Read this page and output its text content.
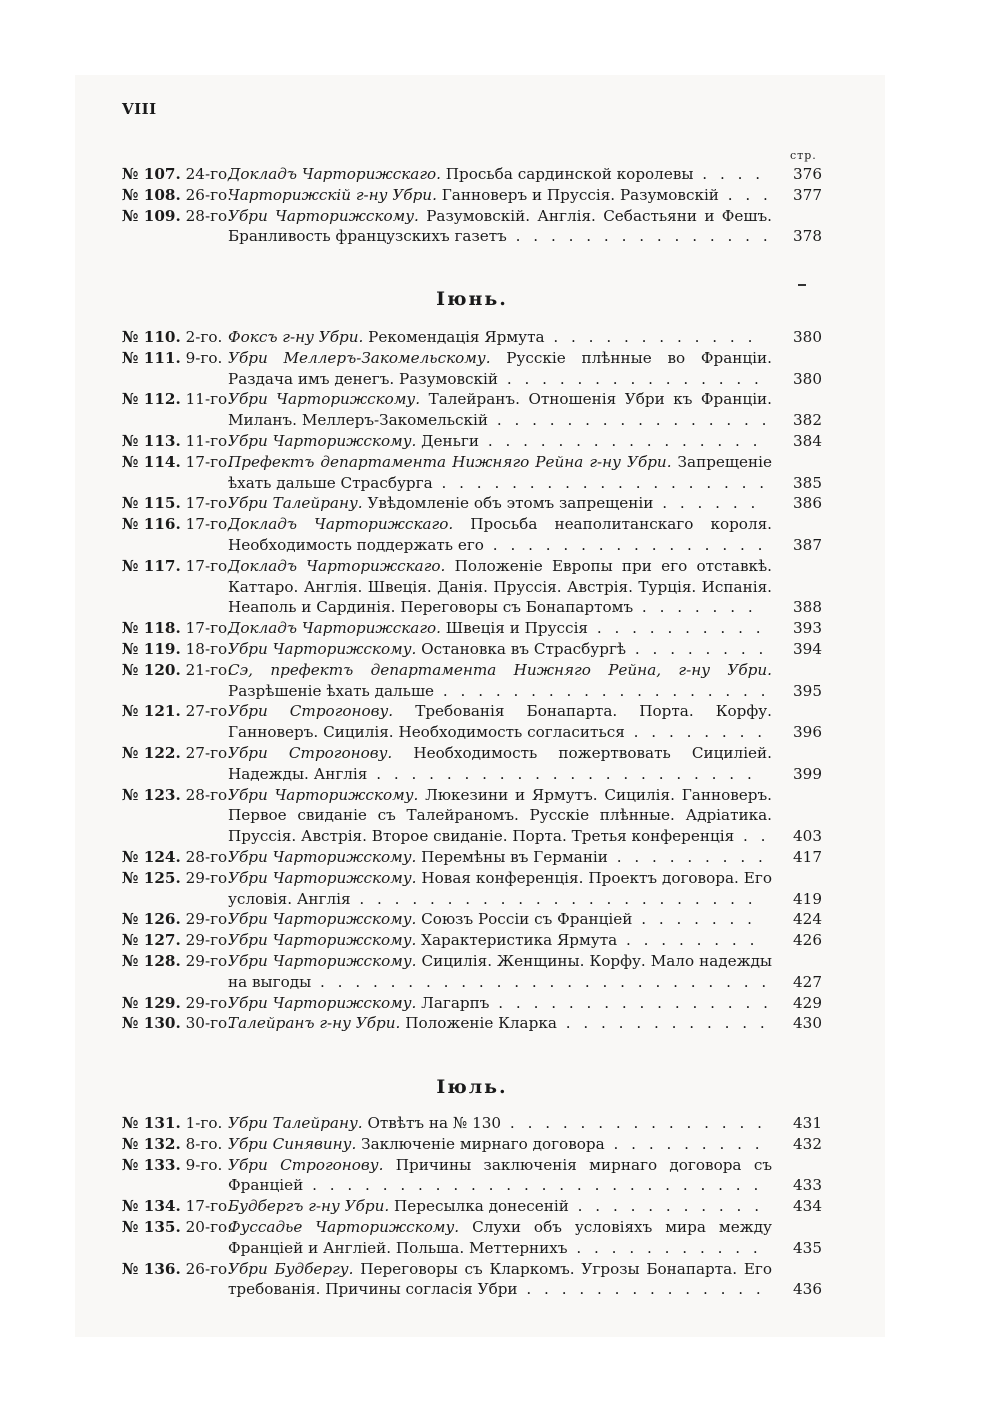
VIII
стр.
№ 107. 24-го.
Докладъ Чарторижскаго. Просьба сардинской королевы . . . .	376
№ 108. 26-го.
Чарторижскій г-ну Убри. Ганноверъ и Пруссія. Разумовскій . . .	377
№ 109. 28-го.
Убри Чарторижскому. Разумовскій. Англія. Себастьяни и Фешъ. Бранливость французскихъ газетъ . . . . . . . . . . . . . . .	378
Іюнь.
№ 110. 2-го. Фоксъ г-ну Убри. Рекомендація Ярмута . . . . . . . . . . . .	380
№ 111. 9-го. Убри Меллеръ-Закомельскому. Русскіе плѣнные во Франціи. Раздача имъ денегъ. Разумовскій . . . . . . . . . . . . . . .	380
№ 112. 11-го.
Убри Чарторижскому. Талейранъ. Отношенія Убри къ Франціи. Миланъ. Меллеръ-Закомельскій . . . . . . . . . . . . . . . .	382
№ 113. 11-го.
Убри Чарторижскому. Деньги . . . . . . . . . . . . . . . .	384
№ 114. 17-го.
Префектъ департамента Нижняго Рейна г-ну Убри. Запрещеніе ѣхать дальше Страсбурга . . . . . . . . . . . . . . . . . . .	385
№ 115. 17-го.
Убри Талейрану. Увѣдомленіе объ этомъ запрещеніи . . . . . .	386
№ 116. 17-го.
Докладъ Чарторижскаго. Просьба неаполитанскаго короля. Необходимость поддержать его . . . . . . . . . . . . . . . .	387
№ 117. 17-го.
Докладъ Чарторижскаго. Положеніе Европы при его отставкѣ. Каттаро. Англія. Швеція. Данія. Пруссія. Австрія. Турція. Испанія. Неаполь и Сардинія. Переговоры съ Бонапартомъ . . . . . . .	388
№ 118. 17-го.
Докладъ Чарторижскаго. Швеція и Пруссія . . . . . . . . . .	393
№ 119. 18-го.
Убри Чарторижскому. Остановка въ Страсбургѣ . . . . . . . .	394
№ 120. 21-го.
Сэ, префектъ департамента Нижняго Рейна, г-ну Убри. Разрѣшеніе ѣхать дальше . . . . . . . . . . . . . . . . . . .	395
№ 121. 27-го.
Убри Строгонову. Требованія Бонапарта. Порта. Корфу. Ганноверъ. Сицилія. Необходимость согласиться . . . . . . . .	396
№ 122. 27-го.
Убри Строгонову. Необходимость пожертвовать Сициліей. Надежды. Англія . . . . . . . . . . . . . . . . . . . . . .	399
№ 123. 28-го.
Убри Чарторижскому. Люкезини и Ярмутъ. Сицилія. Ганноверъ. Первое свиданіе съ Талейраномъ. Русскіе плѣнные. Адріатика. Пруссія. Австрія. Второе свиданіе. Порта. Третья конференція . .	403
№ 124. 28-го.
Убри Чарторижскому. Перемѣны въ Германіи . . . . . . . . .	417
№ 125. 29-го.
Убри Чарторижскому. Новая конференція. Проектъ договора. Его условія. Англія . . . . . . . . . . . . . . . . . . . . . . .	419
№ 126. 29-го.
Убри Чарторижскому. Союзъ Россіи съ Франціей . . . . . . .	424
№ 127. 29-го.
Убри Чарторижскому. Характеристика Ярмута . . . . . . . .	426
№ 128. 29-го.
Убри Чарторижскому. Сицилія. Женщины. Корфу. Мало надежды на выгоды . . . . . . . . . . . . . . . . . . . . . . . . . .	427
№ 129. 29-го.
Убри Чарторижскому. Лагарпъ . . . . . . . . . . . . . . . .	429
№ 130. 30-го.
Талейранъ г-ну Убри. Положеніе Кларка . . . . . . . . . . . .	430
Іюль.
№ 131. 1-го. Убри Талейрану. Отвѣтъ на № 130 . . . . . . . . . . . . . . .	431
№ 132. 8-го. Убри Синявину. Заключеніе мирнаго договора . . . . . . . . .	432
№ 133. 9-го. Убри Строгонову. Причины заключенія мирнаго договора съ Франціей . . . . . . . . . . . . . . . . . . . . . . . . . .	433
№ 134. 17-го.
Будбергъ г-ну Убри. Пересылка донесеній . . . . . . . . . . .	434
№ 135. 20-го.
Фуссадье Чарторижскому. Слухи объ условіяхъ мира между Франціей и Англіей. Польша. Меттернихъ . . . . . . . . . . .	435
№ 136. 26-го.
Убри Будбергу. Переговоры съ Кларкомъ. Угрозы Бонапарта. Его требованія. Причины согласія Убри . . . . . . . . . . . . . .	436
